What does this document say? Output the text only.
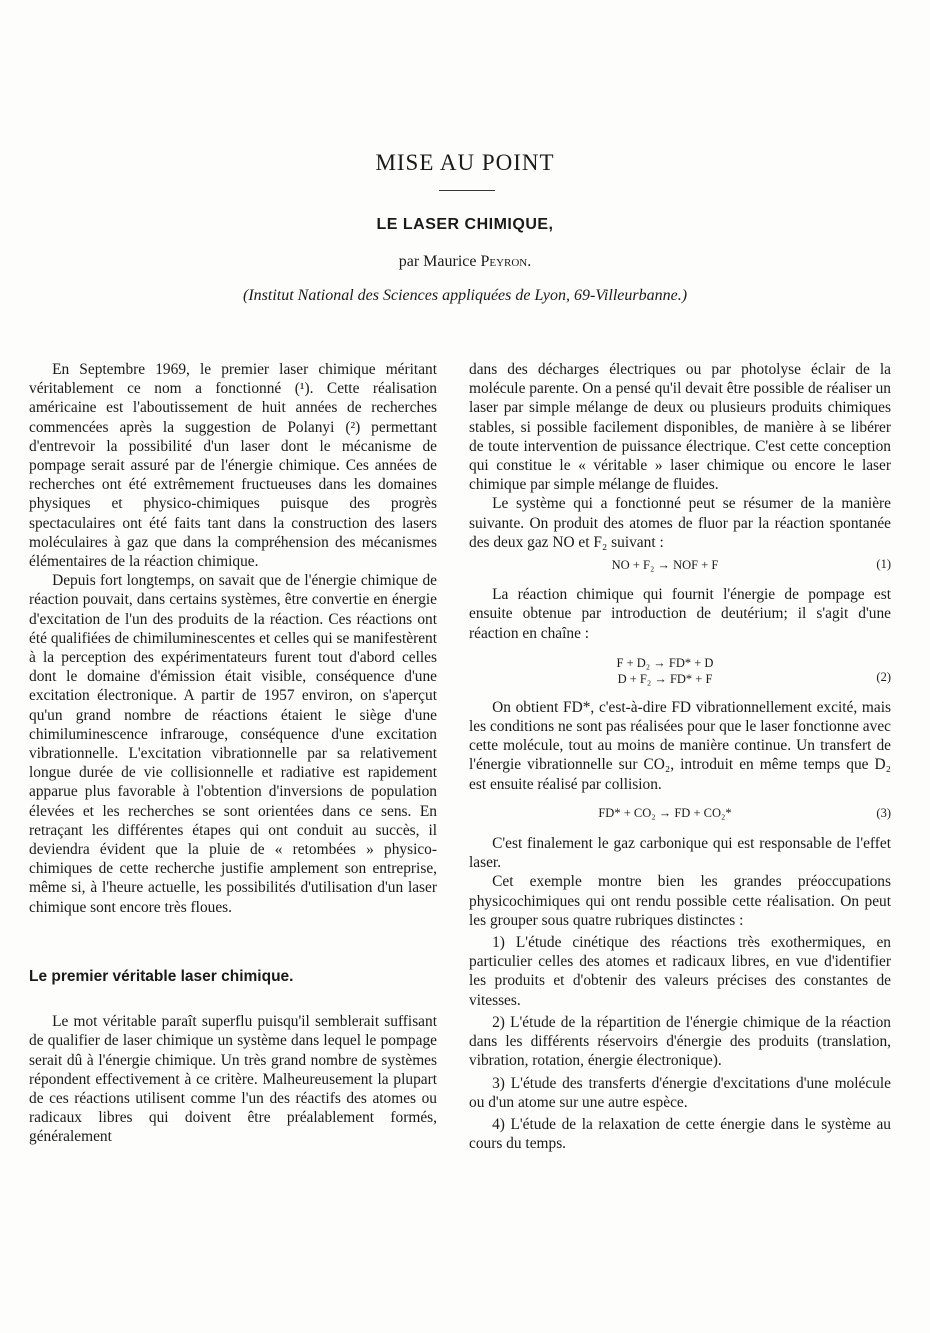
MISE AU POINT
LE LASER CHIMIQUE,
par Maurice Peyron.
(Institut National des Sciences appliquées de Lyon, 69-Villeurbanne.)

En Septembre 1969, le premier laser chimique méritant véritablement ce nom a fonctionné (¹). Cette réalisation américaine est l'aboutissement de huit années de recherches commencées après la suggestion de Polanyi (²) permettant d'entrevoir la possibilité d'un laser dont le mécanisme de pompage serait assuré par de l'énergie chimique. Ces années de recherches ont été extrêmement fructueuses dans les domaines physiques et physico-chimiques puisque des progrès spectaculaires ont été faits tant dans la construction des lasers moléculaires à gaz que dans la compréhension des mécanismes élémentaires de la réaction chimique.

Depuis fort longtemps, on savait que de l'énergie chimique de réaction pouvait, dans certains systèmes, être convertie en énergie d'excitation de l'un des produits de la réaction. Ces réactions ont été qualifiées de chimiluminescentes et celles qui se manifestèrent à la perception des expérimentateurs furent tout d'abord celles dont le domaine d'émission était visible, conséquence d'une excitation électronique. A partir de 1957 environ, on s'aperçut qu'un grand nombre de réactions étaient le siège d'une chimiluminescence infrarouge, conséquence d'une excitation vibrationnelle. L'excitation vibrationnelle par sa relativement longue durée de vie collisionnelle et radiative est rapidement apparue plus favorable à l'obtention d'inversions de population élevées et les recherches se sont orientées dans ce sens. En retraçant les différentes étapes qui ont conduit au succès, il deviendra évident que la pluie de « retombées » physico-chimiques de cette recherche justifie amplement son entreprise, même si, à l'heure actuelle, les possibilités d'utilisation d'un laser chimique sont encore très floues.

Le premier véritable laser chimique.

Le mot véritable paraît superflu puisqu'il semblerait suffisant de qualifier de laser chimique un système dans lequel le pompage serait dû à l'énergie chimique. Un très grand nombre de systèmes répondent effectivement à ce critère. Malheureusement la plupart de ces réactions utilisent comme l'un des réactifs des atomes ou radicaux libres qui doivent être préalablement formés, généralement

dans des décharges électriques ou par photolyse éclair de la molécule parente. On a pensé qu'il devait être possible de réaliser un laser par simple mélange de deux ou plusieurs produits chimiques stables, si possible facilement disponibles, de manière à se libérer de toute intervention de puissance électrique. C'est cette conception qui constitue le « véritable » laser chimique ou encore le laser chimique par simple mélange de fluides.

Le système qui a fonctionné peut se résumer de la manière suivante. On produit des atomes de fluor par la réaction spontanée des deux gaz NO et F₂ suivant :

NO + F₂ → NOF + F	(1)

La réaction chimique qui fournit l'énergie de pompage est ensuite obtenue par introduction de deutérium; il s'agit d'une réaction en chaîne :

F + D₂ → FD* + D
D + F₂ → FD* + F	(2)

On obtient FD*, c'est-à-dire FD vibrationnellement excité, mais les conditions ne sont pas réalisées pour que le laser fonctionne avec cette molécule, tout au moins de manière continue. Un transfert de l'énergie vibrationnelle sur CO₂, introduit en même temps que D₂ est ensuite réalisé par collision.

FD* + CO₂ → FD + CO₂*	(3)

C'est finalement le gaz carbonique qui est responsable de l'effet laser.

Cet exemple montre bien les grandes préoccupations physicochimiques qui ont rendu possible cette réalisation. On peut les grouper sous quatre rubriques distinctes :

1) L'étude cinétique des réactions très exothermiques, en particulier celles des atomes et radicaux libres, en vue d'identifier les produits et d'obtenir des valeurs précises des constantes de vitesses.

2) L'étude de la répartition de l'énergie chimique de la réaction dans les différents réservoirs d'énergie des produits (translation, vibration, rotation, énergie électronique).

3) L'étude des transferts d'énergie d'excitations d'une molécule ou d'un atome sur une autre espèce.

4) L'étude de la relaxation de cette énergie dans le système au cours du temps.
